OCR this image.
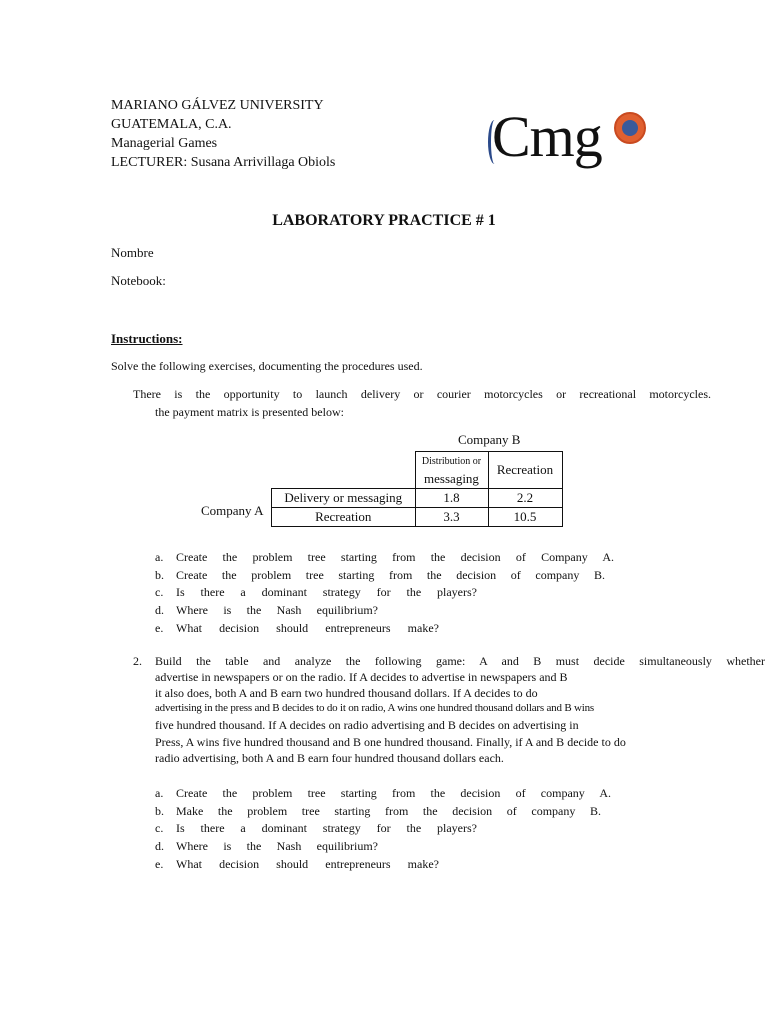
MARIANO GÁLVEZ UNIVERSITY
GUATEMALA, C.A.
Managerial Games
LECTURER: Susana Arrivillaga Obiols	Cmg
LABORATORY PRACTICE # 1
Nombre
Notebook:
Instructions:
Solve the following exercises, documenting the procedures used.
There is the opportunity to launch delivery or courier motorcycles or recreational motorcycles.
the payment matrix is presented below:
Company B
Company A

	Distribution or
messaging	Recreation
Delivery or messaging	1.8	2.2
Recreation	3.3	10.5
a. Create the problem tree starting from the decision of Company A.
b. Create the problem tree starting from the decision of company B.
c. Is there a dominant strategy for the players?
d. Where is the Nash equilibrium?
e. What decision should entrepreneurs make?
2. Build the table and analyze the following game: A and B must decide simultaneously whether
advertise in newspapers or on the radio. If A decides to advertise in newspapers and B
it also does, both A and B earn two hundred thousand dollars. If A decides to do
advertising in the press and B decides to do it on radio, A wins one hundred thousand dollars and B wins
five hundred thousand. If A decides on radio advertising and B decides on advertising in
Press, A wins five hundred thousand and B one hundred thousand. Finally, if A and B decide to do
radio advertising, both A and B earn four hundred thousand dollars each.
a. Create the problem tree starting from the decision of company A.
b. Make the problem tree starting from the decision of company B.
c. Is there a dominant strategy for the players?
d. Where is the Nash equilibrium?
e. What decision should entrepreneurs make?
